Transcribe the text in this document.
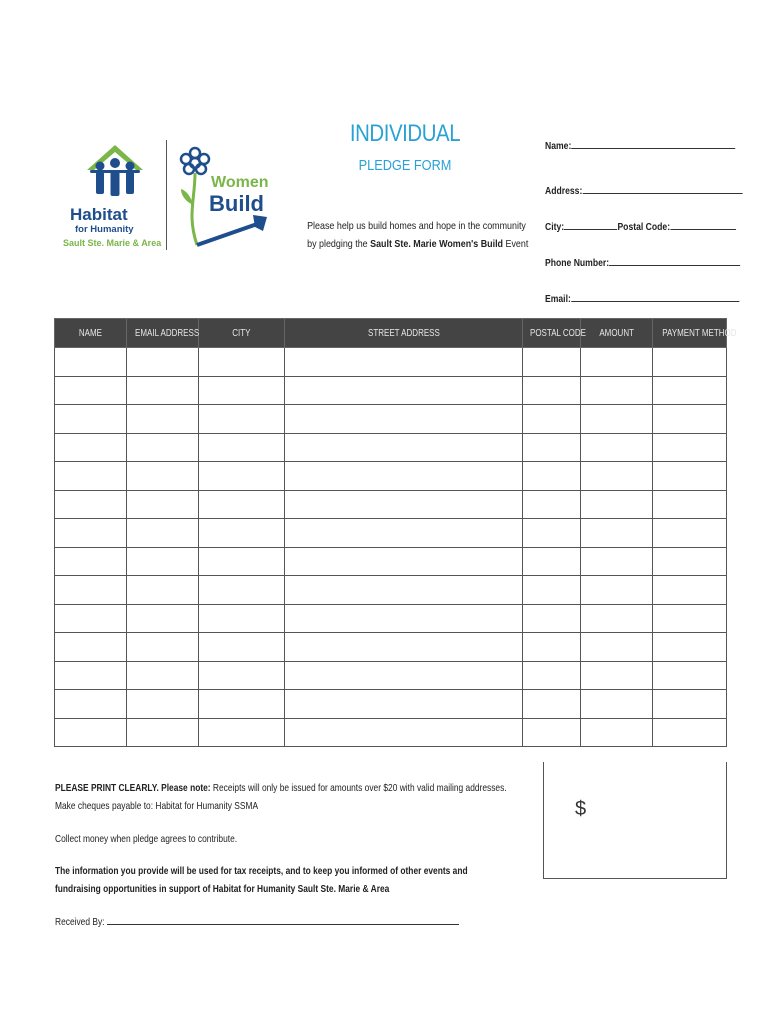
Habitat
for Humanity
Sault Ste. Marie & Area
Women
Build
INDIVIDUAL
PLEDGE FORM
Please help us build homes and hope in the community
by pledging the Sault Ste. Marie Women's Build Event
Name:
Address:
City:	Postal Code:
Phone Number:
Email:
NAME	EMAIL ADDRESS	CITY	STREET ADDRESS	POSTAL CODE	AMOUNT	PAYMENT METHOD

$
PLEASE PRINT CLEARLY. Please note: Receipts will only be issued for amounts over $20 with valid mailing addresses.
Make cheques payable to: Habitat for Humanity SSMA
Collect money when pledge agrees to contribute.
The information you provide will be used for tax receipts, and to keep you informed of other events and
fundraising opportunities in support of Habitat for Humanity Sault Ste. Marie & Area
Received By:
